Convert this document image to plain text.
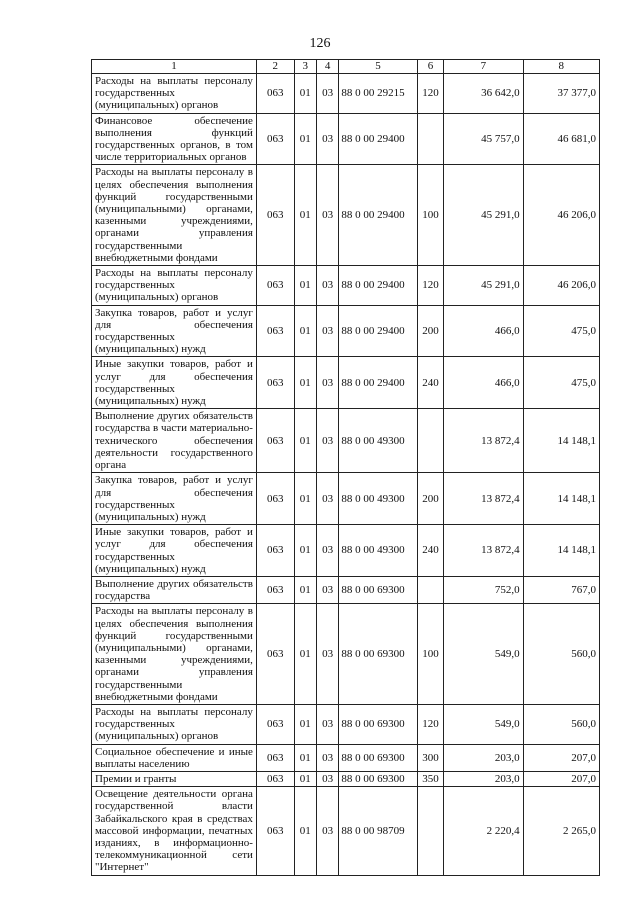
126
1	2	3	4	5	6	7	8
Расходы на выплаты персоналу государственных (муниципальных) органов	063	01	03	88 0 00 29215	120	36 642,0	37 377,0
Финансовое обеспечение выполнения функций государственных органов, в том числе территориальных органов	063	01	03	88 0 00 29400		45 757,0	46 681,0
Расходы на выплаты персоналу в целях обеспечения выполнения функций государственными (муниципальными) органами, казенными учреждениями, органами управления государственными внебюджетными фондами	063	01	03	88 0 00 29400	100	45 291,0	46 206,0
Расходы на выплаты персоналу государственных (муниципальных) органов	063	01	03	88 0 00 29400	120	45 291,0	46 206,0
Закупка товаров, работ и услуг для обеспечения государственных (муниципальных) нужд	063	01	03	88 0 00 29400	200	466,0	475,0
Иные закупки товаров, работ и услуг для обеспечения государственных (муниципальных) нужд	063	01	03	88 0 00 29400	240	466,0	475,0
Выполнение других обязательств государства в части материально-технического обеспечения деятельности государственного органа	063	01	03	88 0 00 49300		13 872,4	14 148,1
Закупка товаров, работ и услуг для обеспечения государственных (муниципальных) нужд	063	01	03	88 0 00 49300	200	13 872,4	14 148,1
Иные закупки товаров, работ и услуг для обеспечения государственных (муниципальных) нужд	063	01	03	88 0 00 49300	240	13 872,4	14 148,1
Выполнение других обязательств государства	063	01	03	88 0 00 69300		752,0	767,0
Расходы на выплаты персоналу в целях обеспечения выполнения функций государственными (муниципальными) органами, казенными учреждениями, органами управления государственными внебюджетными фондами	063	01	03	88 0 00 69300	100	549,0	560,0
Расходы на выплаты персоналу государственных (муниципальных) органов	063	01	03	88 0 00 69300	120	549,0	560,0
Социальное обеспечение и иные выплаты населению	063	01	03	88 0 00 69300	300	203,0	207,0
Премии и гранты	063	01	03	88 0 00 69300	350	203,0	207,0
Освещение деятельности органа государственной власти Забайкальского края в средствах массовой информации, печатных изданиях, в информационно-телекоммуникационной сети "Интернет"	063	01	03	88 0 00 98709		2 220,4	2 265,0
